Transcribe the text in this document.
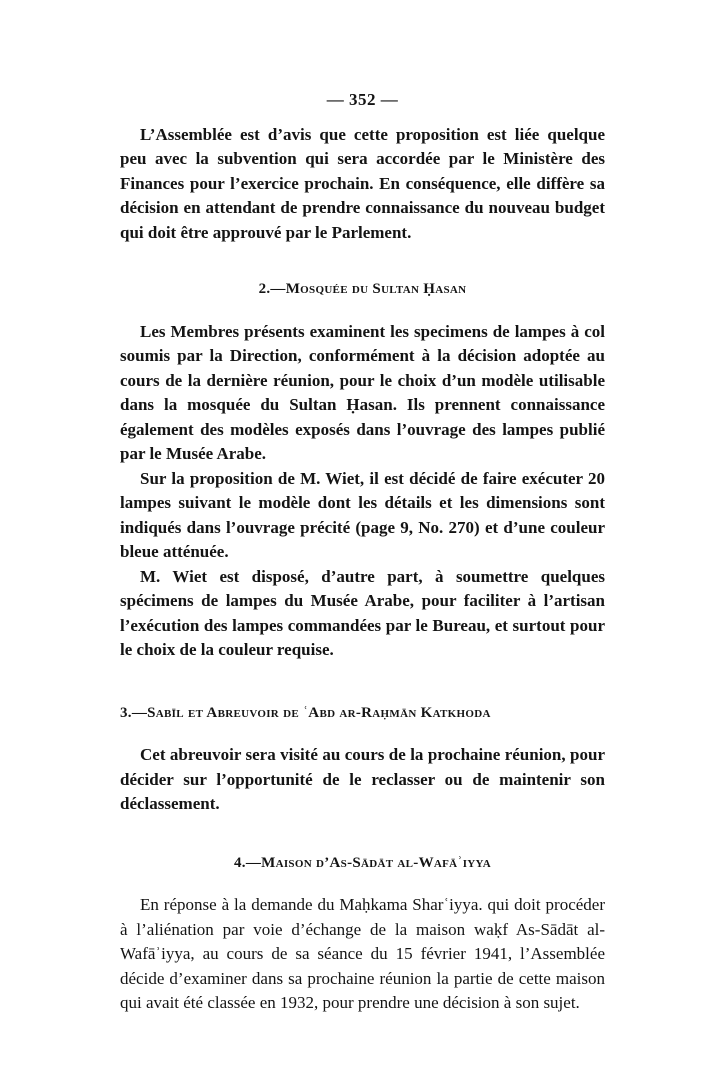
— 352 —

L’Assemblée est d’avis que cette proposition est liée quelque peu avec la subvention qui sera accordée par le Ministère des Finances pour l’exercice prochain. En conséquence, elle diffère sa décision en attendant de prendre connaissance du nouveau budget qui doit être approuvé par le Parlement.

2.—Mosquée du Sultan Ḥasan

Les Membres présents examinent les specimens de lampes à col soumis par la Direction, conformément à la décision adoptée au cours de la dernière réunion, pour le choix d’un modèle utilisable dans la mosquée du Sultan Ḥasan. Ils prennent connaissance également des modèles exposés dans l’ouvrage des lampes publié par le Musée Arabe.

Sur la proposition de M. Wiet, il est décidé de faire exécuter 20 lampes suivant le modèle dont les détails et les dimensions sont indiqués dans l’ouvrage précité (page 9, No. 270) et d’une couleur bleue atténuée.

M. Wiet est disposé, d’autre part, à soumettre quelques spécimens de lampes du Musée Arabe, pour faciliter à l’artisan l’exécution des lampes commandées par le Bureau, et surtout pour le choix de la couleur requise.

3.—Sabīl et Abreuvoir de ʿAbd ar-Raḥmān Katkhoda

Cet abreuvoir sera visité au cours de la prochaine réunion, pour décider sur l’opportunité de le reclasser ou de maintenir son déclassement.

4.—Maison d’As-Sādāt al-Wafāʾiyya

En réponse à la demande du Maḥkama Sharʿiyya. qui doit procéder à l’aliénation par voie d’échange de la maison waḳf As-Sādāt al-Wafāʾiyya, au cours de sa séance du 15 février 1941, l’Assemblée décide d’examiner dans sa prochaine réunion la partie de cette maison qui avait été classée en 1932, pour prendre une décision à son sujet.
